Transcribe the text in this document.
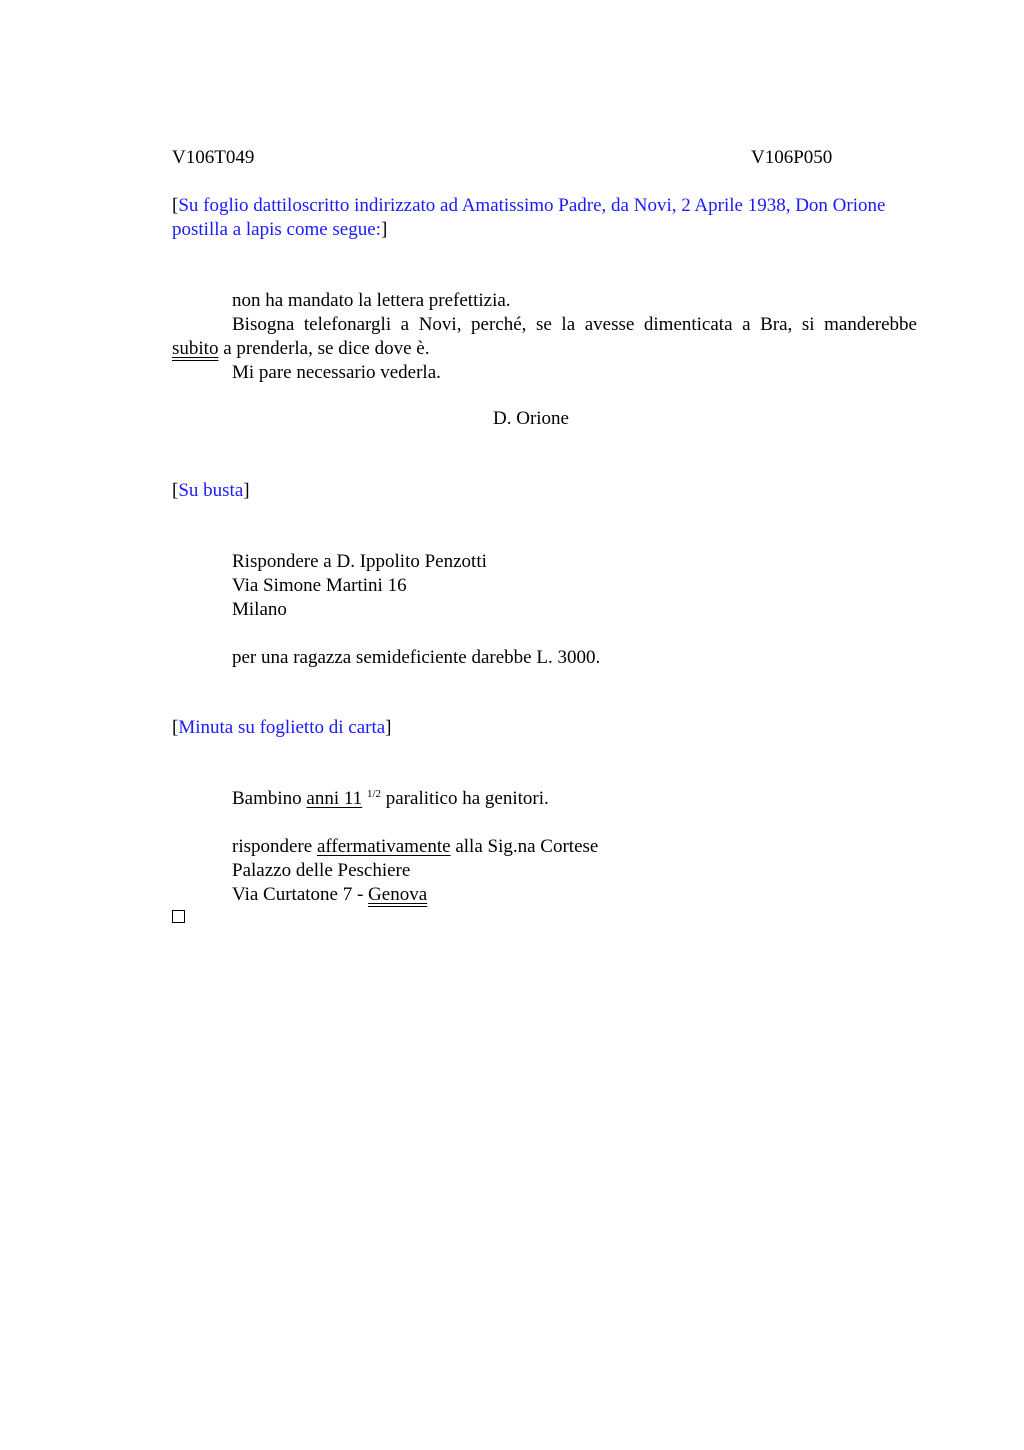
V106T049	V106P050
[Su foglio dattiloscritto indirizzato ad Amatissimo Padre, da Novi, 2 Aprile 1938, Don Orione postilla a lapis come segue:]
non ha mandato la lettera prefettizia.
Bisogna telefonargli a Novi, perché, se la avesse dimenticata a Bra, si manderebbe
subito a prenderla, se dice dove è.
Mi pare necessario vederla.
D. Orione
[Su busta]
Rispondere a D. Ippolito Penzotti
Via Simone Martini 16
Milano
per una ragazza semideficiente darebbe L. 3000.
[Minuta su foglietto di carta]
Bambino anni 11 $^{1/2}$ paralitico ha genitori.
rispondere affermativamente alla Sig.na Cortese
Palazzo delle Peschiere
Via Curtatone 7 - Genova
